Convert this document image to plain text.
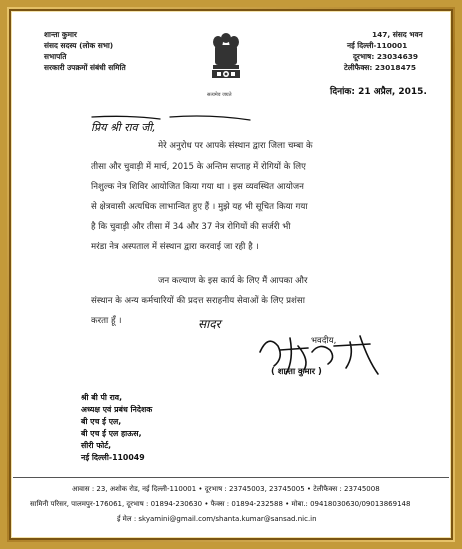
शान्ता कुमार
संसद सदस्य (लोक सभा)
सभापति
सरकारी उपक्रमों संबंधी समिति
सत्यमेव जयते
147, संसद भवन
नई दिल्ली-110001
दूरभाष: 23034639
टेलीफैक्स: 23018475
दिनांक: 21 अप्रैल, 2015.
प्रिय श्री राव जी,
मेरे अनुरोध पर आपके संस्थान द्वारा जिला चम्बा के
तीसा और चुवाड़ी में मार्च, 2015 के अन्तिम सप्ताह में रोगियों के लिए
निशुल्क नेत्र शिविर आयोजित किया गया था । इस व्यवस्थित आयोजन
से क्षेत्रवासी अत्यधिक लाभान्वित हुए हैं । मुझे यह भी सूचित किया गया
है कि चुवाड़ी और तीसा में 34 और 37 नेत्र रोगियों की सर्जरी भी
मरंडा नेत्र अस्पताल में संस्थान द्वारा करवाई जा रही है ।
जन कल्याण के इस कार्य के लिए मैं आपका और
संस्थान के अन्य कर्मचारियों की प्रदत्त सराहनीय सेवाओं के लिए प्रशंसा
करता हूँ ।
भवदीय,
सादर
( शान्ता कुमार )
श्री बी पी राव,
अध्यक्ष एवं प्रबंध निदेशक
बी एच ई एल,
बी एच ई एल हाऊस,
सीरी फोर्ट,
नई दिल्ली-110049
आवास : 23, अशोक रोड, नई दिल्ली-110001 • दूरभाष : 23745003, 23745005 • टेलीफैक्स : 23745008
सामिनी परिसर, पालमपुर-176061, दूरभाष : 01894-230630 • फैक्स : 01894-232588 • मोबा.: 09418030630/09013869148
ई मेल : skyamini@gmail.com/shanta.kumar@sansad.nic.in
